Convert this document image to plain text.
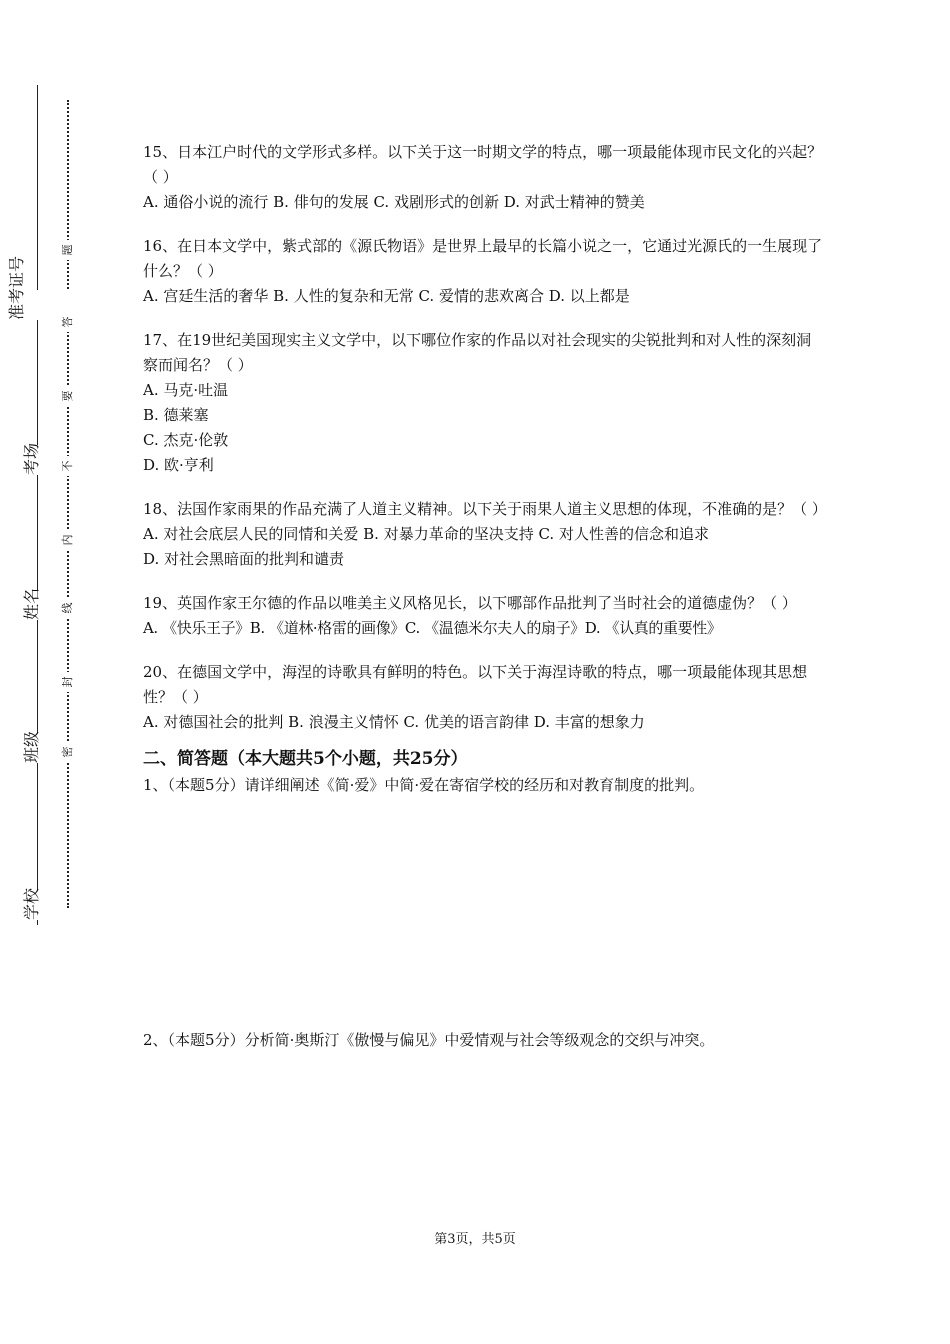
准考证号
考场
姓名
班级
学校
题
答
要
不
内
线
封
密

15、日本江户时代的文学形式多样。以下关于这一时期文学的特点，哪一项最能体现市民文化的兴起？（ ）

A. 通俗小说的流行 B. 俳句的发展 C. 戏剧形式的创新 D. 对武士精神的赞美

16、在日本文学中，紫式部的《源氏物语》是世界上最早的长篇小说之一，它通过光源氏的一生展现了什么？（ ）

A. 宫廷生活的奢华 B. 人性的复杂和无常 C. 爱情的悲欢离合 D. 以上都是

17、在19世纪美国现实主义文学中，以下哪位作家的作品以对社会现实的尖锐批判和对人性的深刻洞察而闻名？（ ）

A. 马克·吐温

B. 德莱塞

C. 杰克·伦敦

D. 欧·亨利

18、法国作家雨果的作品充满了人道主义精神。以下关于雨果人道主义思想的体现，不准确的是？（ ）

A. 对社会底层人民的同情和关爱 B. 对暴力革命的坚决支持 C. 对人性善的信念和追求

D. 对社会黑暗面的批判和谴责

19、英国作家王尔德的作品以唯美主义风格见长，以下哪部作品批判了当时社会的道德虚伪？（ ）

A. 《快乐王子》B. 《道林·格雷的画像》C. 《温德米尔夫人的扇子》D. 《认真的重要性》

20、在德国文学中，海涅的诗歌具有鲜明的特色。以下关于海涅诗歌的特点，哪一项最能体现其思想性？（ ）

A. 对德国社会的批判 B. 浪漫主义情怀 C. 优美的语言韵律 D. 丰富的想象力

二、简答题（本大题共5个小题，共25分）

1、（本题5分）请详细阐述《简·爱》中简·爱在寄宿学校的经历和对教育制度的批判。

2、（本题5分）分析简·奥斯汀《傲慢与偏见》中爱情观与社会等级观念的交织与冲突。

第3页，共5页
